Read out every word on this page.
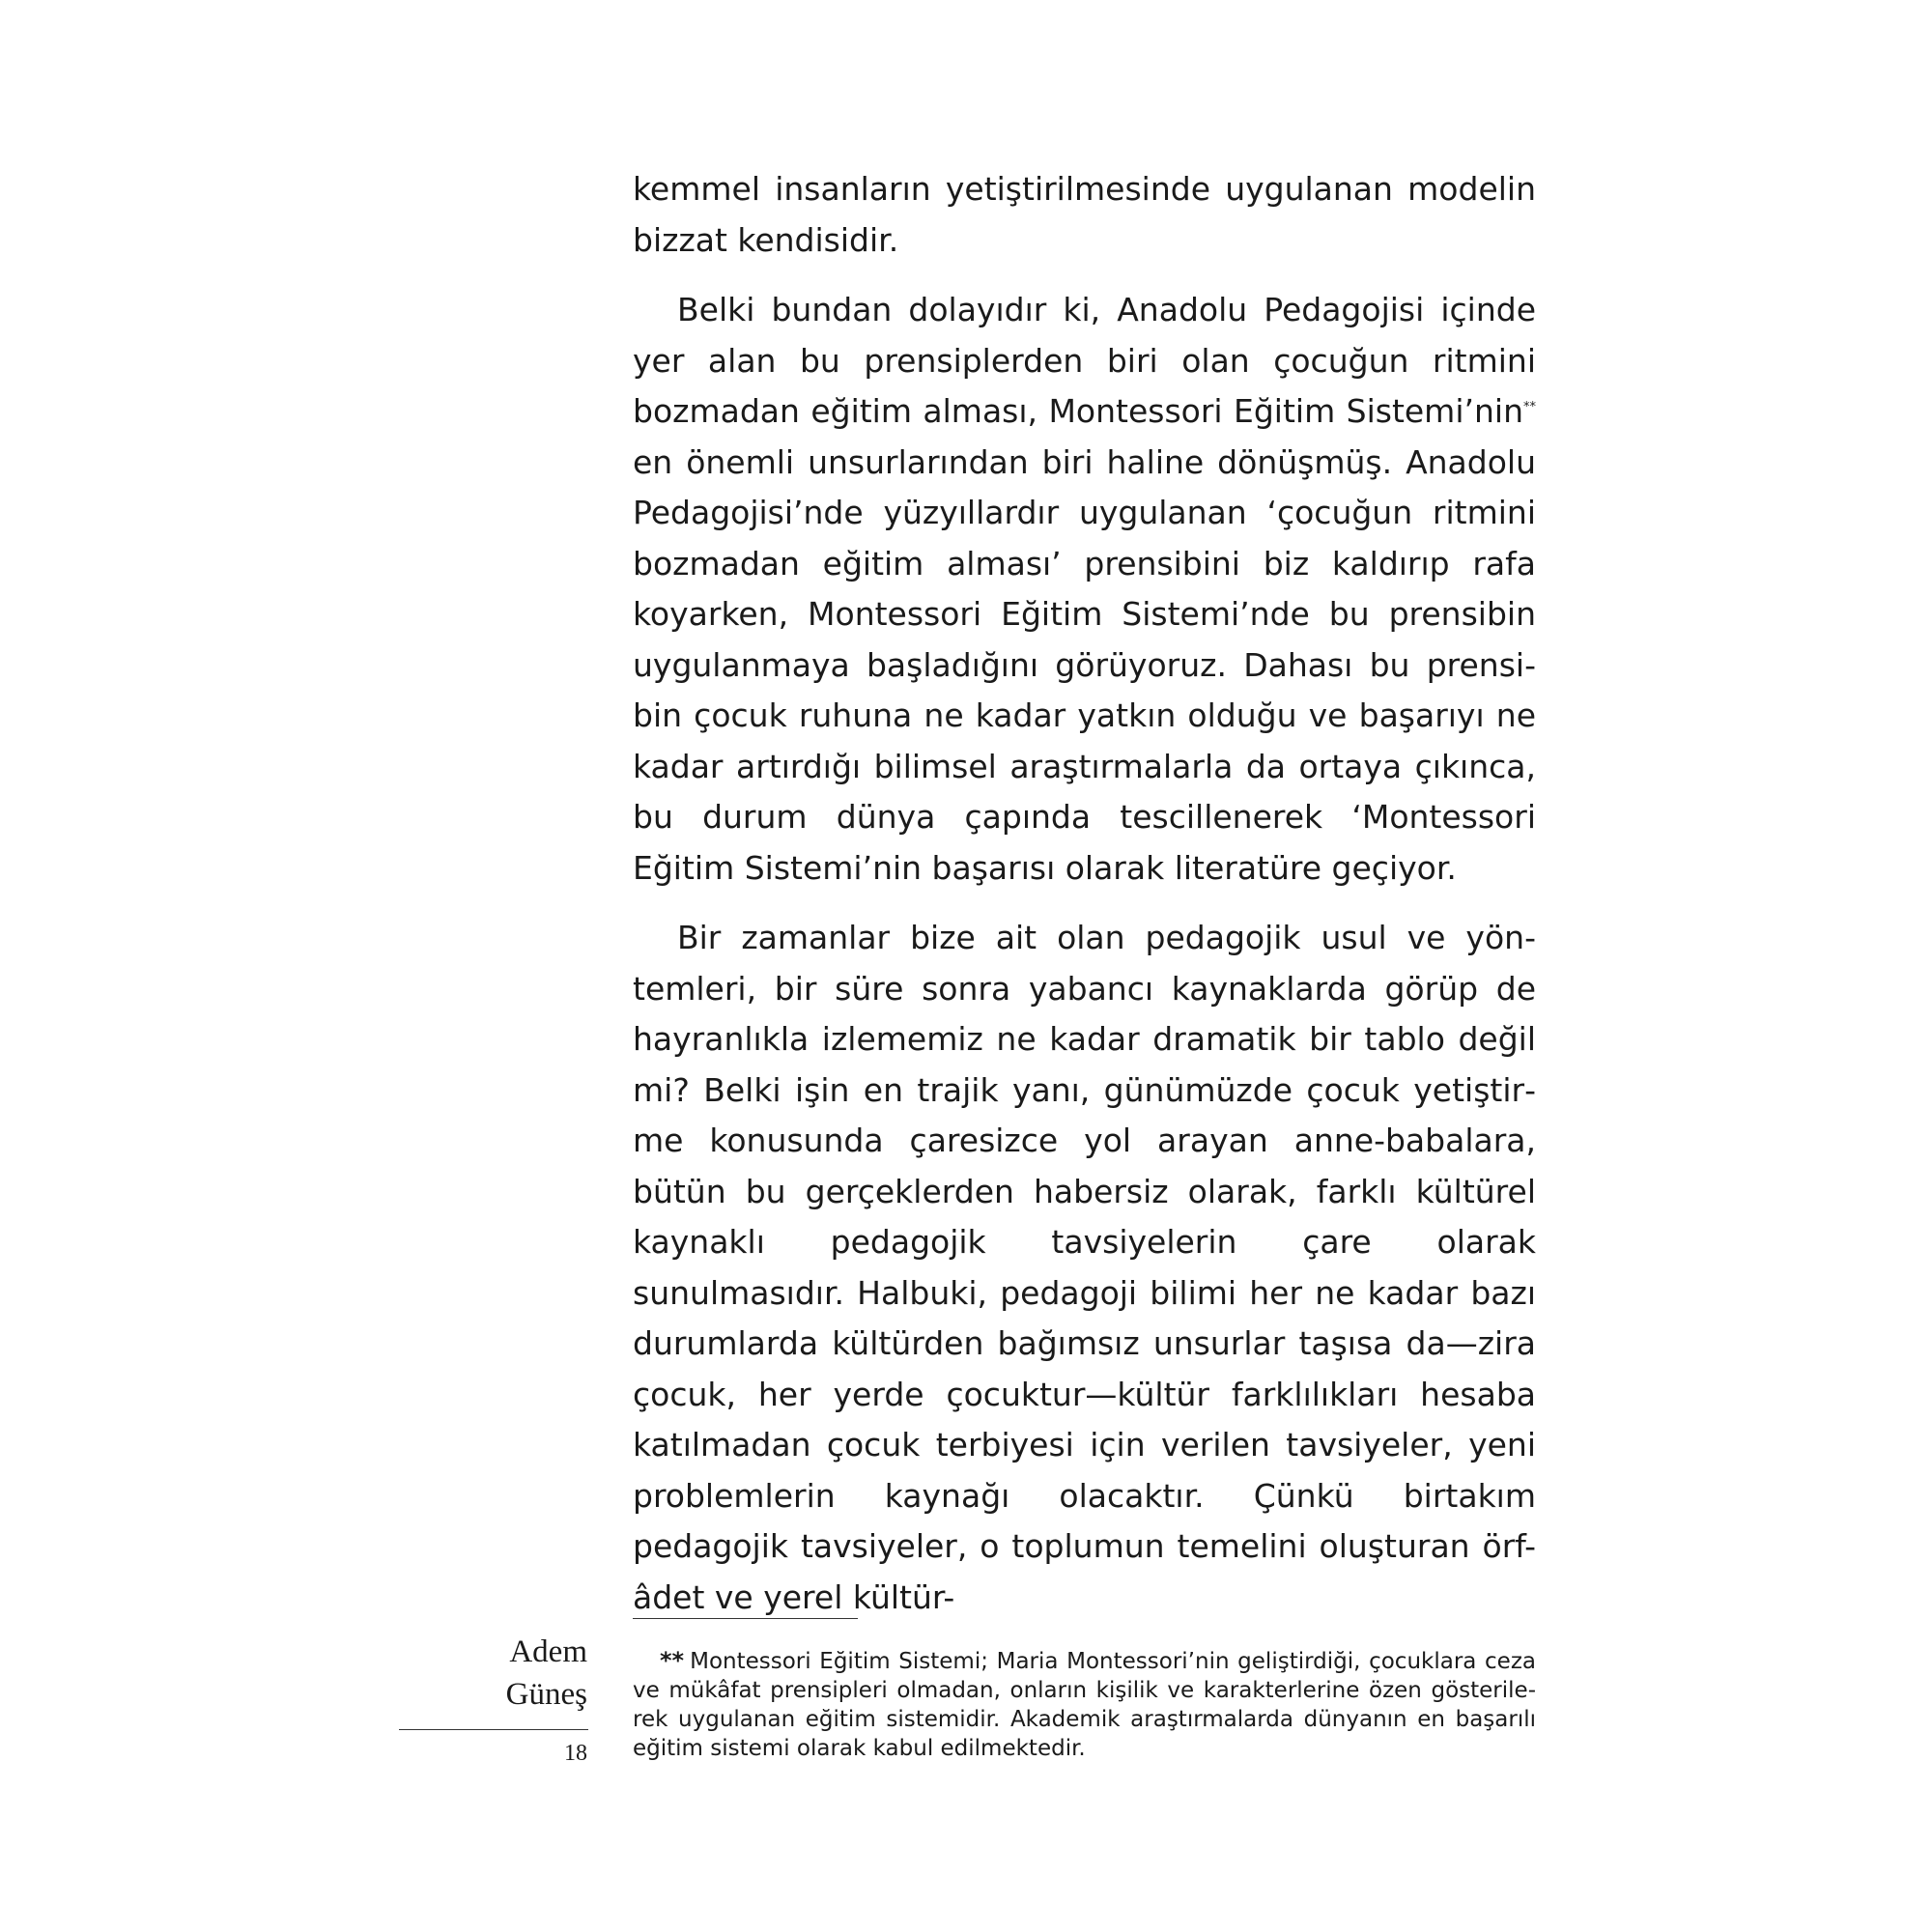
kemmel insanların yetiştirilmesinde uygulanan modelin bizzat kendisidir.

Belki bundan dolayıdır ki, Anadolu Pedagojisi içinde yer alan bu prensiplerden biri olan çocuğun ritmini bozmadan eğitim alması, Montessori Eğitim Sistemi’nin** en önemli unsurlarından biri haline dönüşmüş. Anadolu Pedagojisi’nde yüzyıllardır uygulanan ‘çocuğun ritmini bozmadan eğitim alması’ prensibini biz kaldırıp rafa koyarken, Montessori Eğitim Sistemi’nde bu prensibin uygulanmaya başladığını görüyoruz. Dahası bu prensibin çocuk ruhuna ne kadar yatkın olduğu ve başarıyı ne kadar artırdığı bilimsel araştırmalarla da ortaya çıkınca, bu durum dünya çapında tescillenerek ‘Montessori Eğitim Sistemi’nin başarısı olarak literatüre geçiyor.

Bir zamanlar bize ait olan pedagojik usul ve yöntemleri, bir süre sonra yabancı kaynaklarda görüp de hayranlıkla izlememiz ne kadar dramatik bir tablo değil mi? Belki işin en trajik yanı, günümüzde çocuk yetiştirme konusunda çaresizce yol arayan anne-babalara, bütün bu gerçeklerden habersiz olarak, farklı kültürel kaynaklı pedagojik tavsiyelerin çare olarak sunulmasıdır. Halbuki, pedagoji bilimi her ne kadar bazı durumlarda kültürden bağımsız unsurlar taşısa da—zira çocuk, her yerde çocuktur—kültür farklılıkları hesaba katılmadan çocuk terbiyesi için verilen tavsiyeler, yeni problemlerin kaynağı olacaktır. Çünkü birtakım pedagojik tavsiyeler, o toplumun temelini oluşturan örf-âdet ve yerel kültür-

** Montessori Eğitim Sistemi; Maria Montessori’nin geliştirdiği, çocuklara ceza ve mükâfat prensipleri olmadan, onların kişilik ve karakterlerine özen gösterilerek uygulanan eğitim sistemidir. Akademik araştırmalarda dünyanın en başarılı eğitim sistemi olarak kabul edilmektedir.

Adem
Güneş
18
